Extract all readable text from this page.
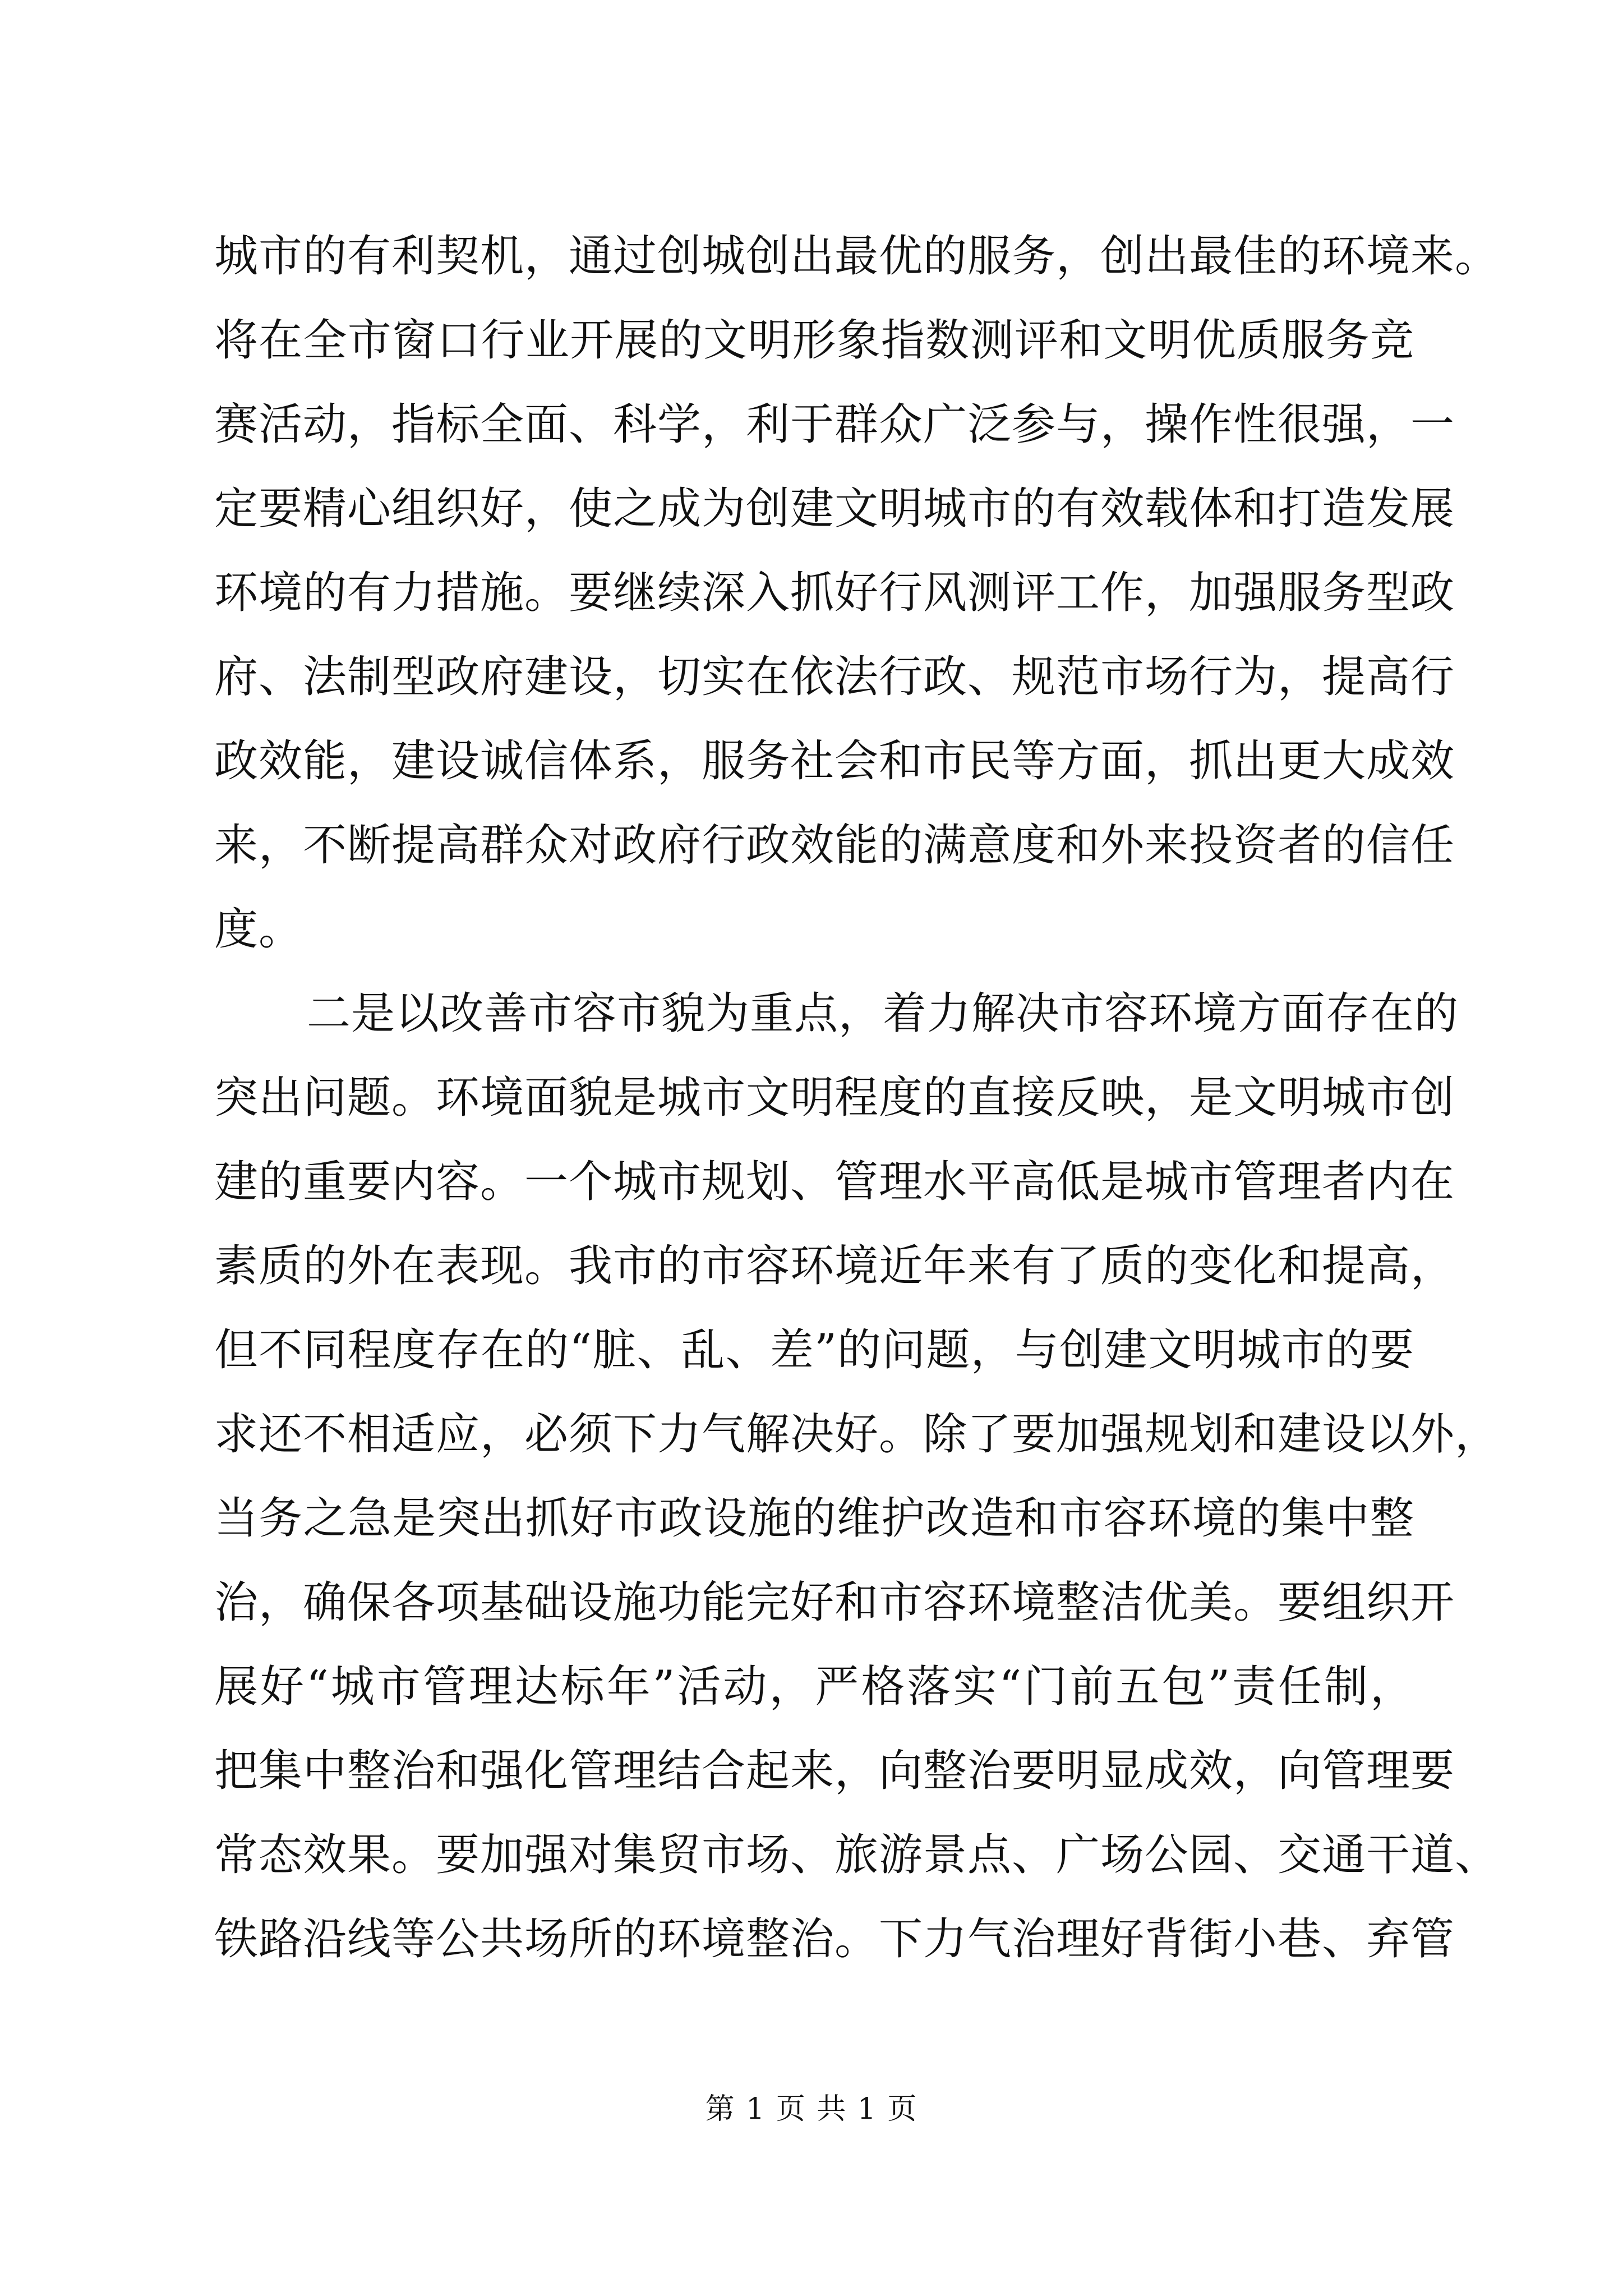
城市的有利契机，通过创城创出最优的服务，创出最佳的环境来。
将在全市窗口行业开展的文明形象指数测评和文明优质服务竞
赛活动，指标全面、科学，利于群众广泛参与，操作性很强，一
定要精心组织好，使之成为创建文明城市的有效载体和打造发展
环境的有力措施。要继续深入抓好行风测评工作，加强服务型政
府、法制型政府建设，切实在依法行政、规范市场行为，提高行
政效能，建设诚信体系，服务社会和市民等方面，抓出更大成效
来，不断提高群众对政府行政效能的满意度和外来投资者的信任
度。
二是以改善市容市貌为重点，着力解决市容环境方面存在的
突出问题。环境面貌是城市文明程度的直接反映，是文明城市创
建的重要内容。一个城市规划、管理水平高低是城市管理者内在
素质的外在表现。我市的市容环境近年来有了质的变化和提高，
但不同程度存在的“脏、乱、差”的问题，与创建文明城市的要
求还不相适应，必须下力气解决好。除了要加强规划和建设以外，
当务之急是突出抓好市政设施的维护改造和市容环境的集中整
治，确保各项基础设施功能完好和市容环境整洁优美。要组织开
展好“城市管理达标年”活动，严格落实“门前五包”责任制，
把集中整治和强化管理结合起来，向整治要明显成效，向管理要
常态效果。要加强对集贸市场、旅游景点、广场公园、交通干道、
铁路沿线等公共场所的环境整治。下力气治理好背街小巷、弃管
第 1 页 共 1 页
